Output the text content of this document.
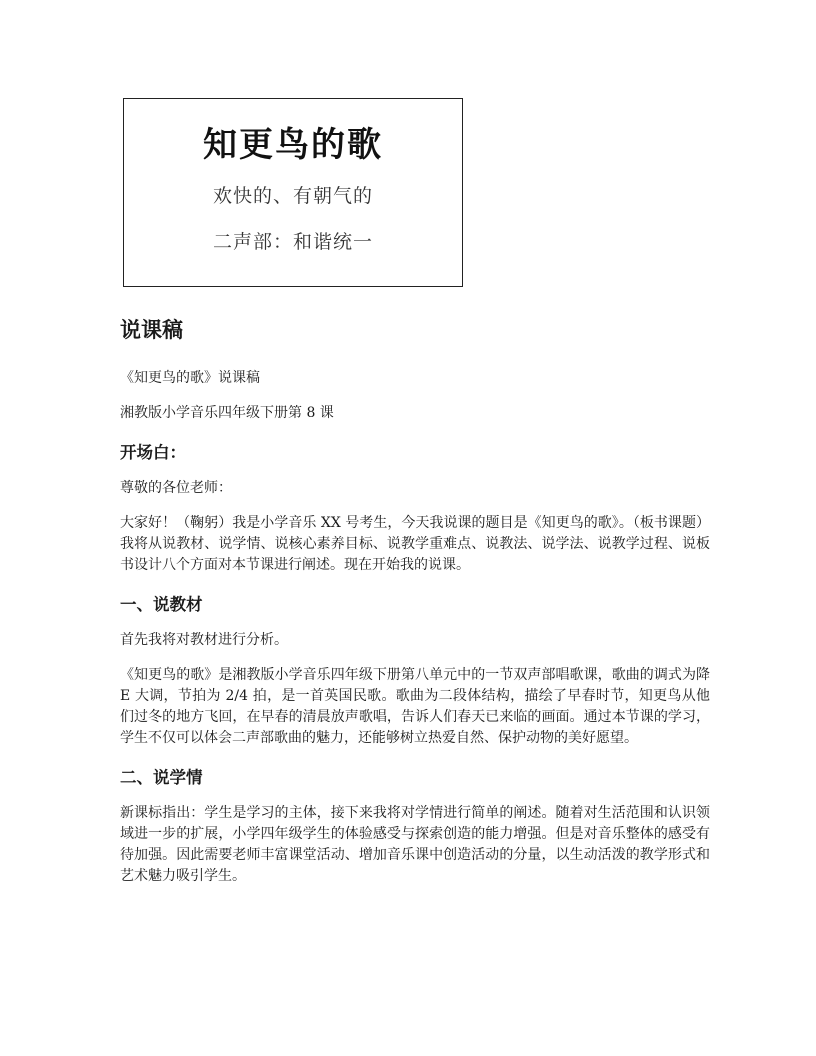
知更鸟的歌
欢快的、有朝气的
二声部：和谐统一
说课稿

《知更鸟的歌》说课稿

湘教版小学音乐四年级下册第 8 课

开场白：

尊敬的各位老师：

大家好！（鞠躬）我是小学音乐 XX 号考生，今天我说课的题目是《知更鸟的歌》。（板书课题）我将从说教材、说学情、说核心素养目标、说教学重难点、说教法、说学法、说教学过程、说板书设计八个方面对本节课进行阐述。现在开始我的说课。

一、说教材

首先我将对教材进行分析。

《知更鸟的歌》是湘教版小学音乐四年级下册第八单元中的一节双声部唱歌课，歌曲的调式为降 E 大调，节拍为 2/4 拍，是一首英国民歌。歌曲为二段体结构，描绘了早春时节，知更鸟从他们过冬的地方飞回，在早春的清晨放声歌唱，告诉人们春天已来临的画面。通过本节课的学习，学生不仅可以体会二声部歌曲的魅力，还能够树立热爱自然、保护动物的美好愿望。

二、说学情

新课标指出：学生是学习的主体，接下来我将对学情进行简单的阐述。随着对生活范围和认识领域进一步的扩展，小学四年级学生的体验感受与探索创造的能力增强。但是对音乐整体的感受有待加强。因此需要老师丰富课堂活动、增加音乐课中创造活动的分量，以生动活泼的教学形式和艺术魅力吸引学生。
